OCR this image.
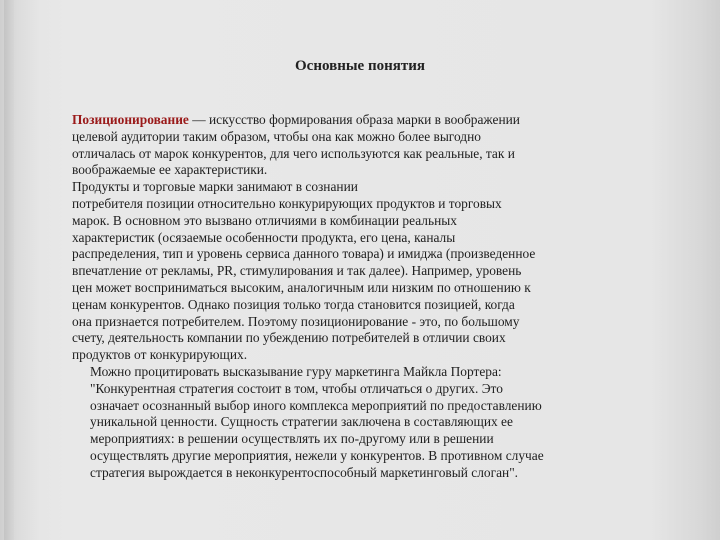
Основные понятия

Позиционирование — искусство формирования образа марки в воображении
целевой аудитории таким образом, чтобы она как можно более выгодно
отличалась от марок конкурентов, для чего используются как реальные, так и
воображаемые ее характеристики.

Продукты и торговые марки занимают в сознании
потребителя позиции относительно конкурирующих продуктов и торговых
марок. В основном это вызвано отличиями в комбинации реальных
характеристик (осязаемые особенности продукта, его цена, каналы
распределения, тип и уровень сервиса данного товара) и имиджа (произведенное
впечатление от рекламы, PR, стимулирования и так далее). Например, уровень
цен может восприниматься высоким, аналогичным или низким по отношению к
ценам конкурентов. Однако позиция только тогда становится позицией, когда
она признается потребителем. Поэтому позиционирование - это, по большому
счету, деятельность компании по убеждению потребителей в отличии своих
продуктов от конкурирующих.

Можно процитировать высказывание гуру маркетинга Майкла Портера:
"Конкурентная стратегия состоит в том, чтобы отличаться о других. Это
означает осознанный выбор иного комплекса мероприятий по предоставлению
уникальной ценности. Сущность стратегии заключена в составляющих ее
мероприятиях: в решении осуществлять их по-другому или в решении
осуществлять другие мероприятия, нежели у конкурентов. В противном случае
стратегия вырождается в неконкурентоспособный маркетинговый слоган".
